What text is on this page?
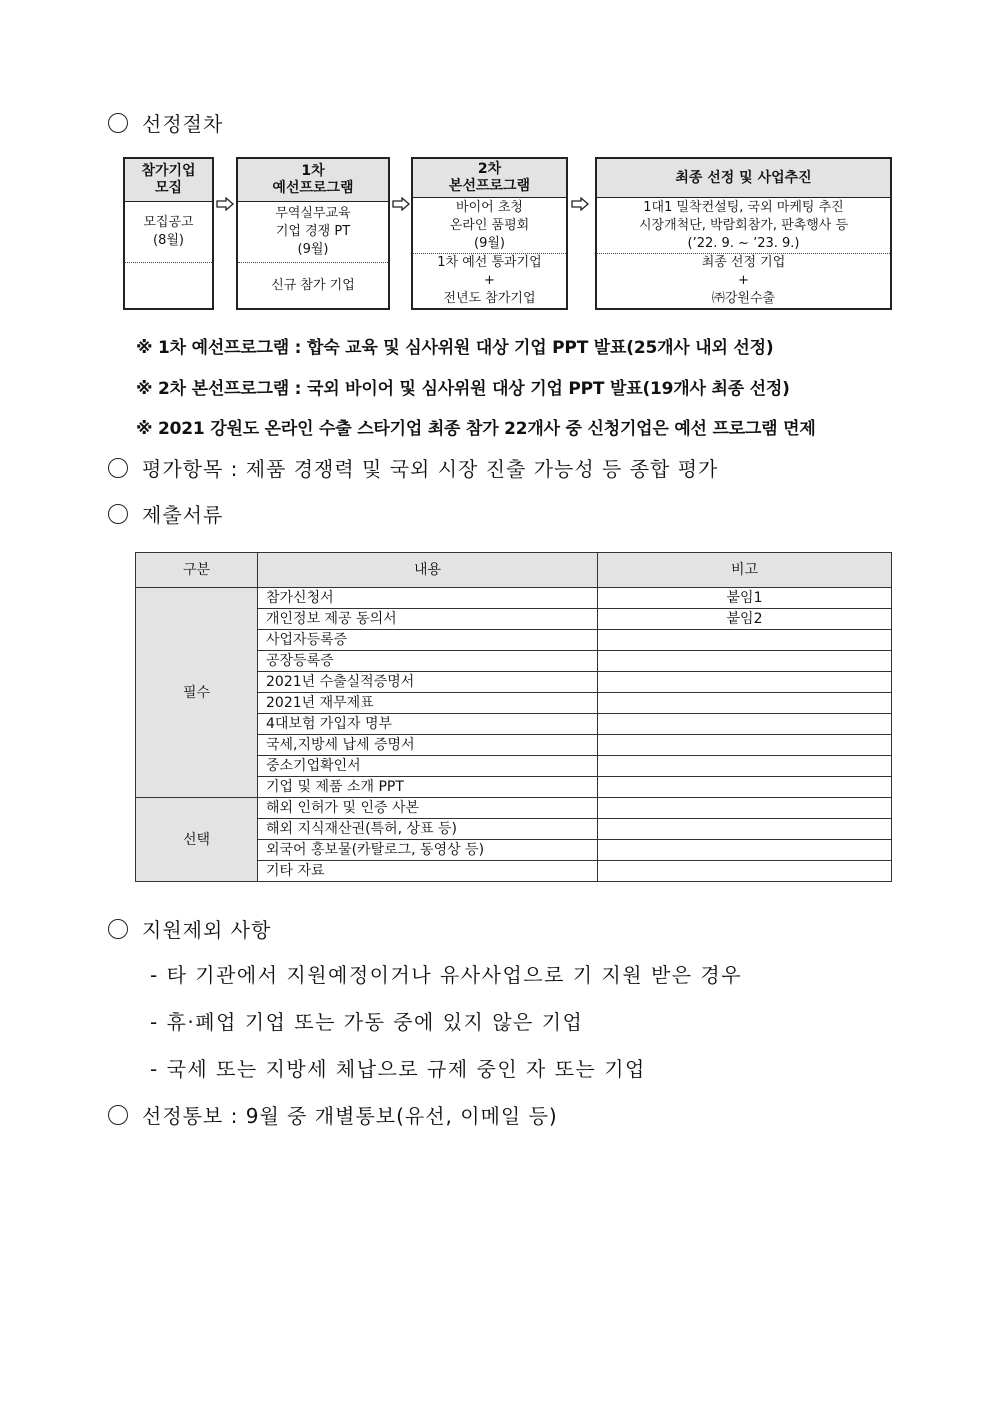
선정절차
참가기업
모집
모집공고
(8월)
1차
예선프로그램
무역실무교육
기업 경쟁 PT
(9월)
신규 참가 기업
2차
본선프로그램
바이어 초청
온라인 품평회
(9월)
1차 예선 통과기업
+
전년도 참가기업
최종 선정 및 사업추진
1대1 밀착컨설팅, 국외 마케팅 추진
시장개척단, 박람회참가, 판촉행사 등
(’22. 9. ~ ’23. 9.)
최종 선정 기업
+
㈜강원수출
※ 1차 예선프로그램 : 합숙 교육 및 심사위원 대상 기업 PPT 발표(25개사 내외 선정)
※ 2차 본선프로그램 : 국외 바이어 및 심사위원 대상 기업 PPT 발표(19개사 최종 선정)
※ 2021 강원도 온라인 수출 스타기업 최종 참가 22개사 중 신청기업은 예선 프로그램 면제
평가항목 : 제품 경쟁력 및 국외 시장 진출 가능성 등 종합 평가
제출서류
구분	내용	비고
필수	참가신청서	붙임1
	개인정보 제공 동의서	붙임2
	사업자등록증	
	공장등록증	
	2021년 수출실적증명서	
	2021년 재무제표	
	4대보험 가입자 명부	
	국세,지방세 납세 증명서	
	중소기업확인서	
	기업 및 제품 소개 PPT	
선택	해외 인허가 및 인증 사본	
	해외 지식재산권(특허, 상표 등)	
	외국어 홍보물(카탈로그, 동영상 등)	
	기타 자료	
지원제외 사항
- 타 기관에서 지원예정이거나 유사사업으로 기 지원 받은 경우
- 휴·폐업 기업 또는 가동 중에 있지 않은 기업
- 국세 또는 지방세 체납으로 규제 중인 자 또는 기업
선정통보 : 9월 중 개별통보(유선, 이메일 등)
